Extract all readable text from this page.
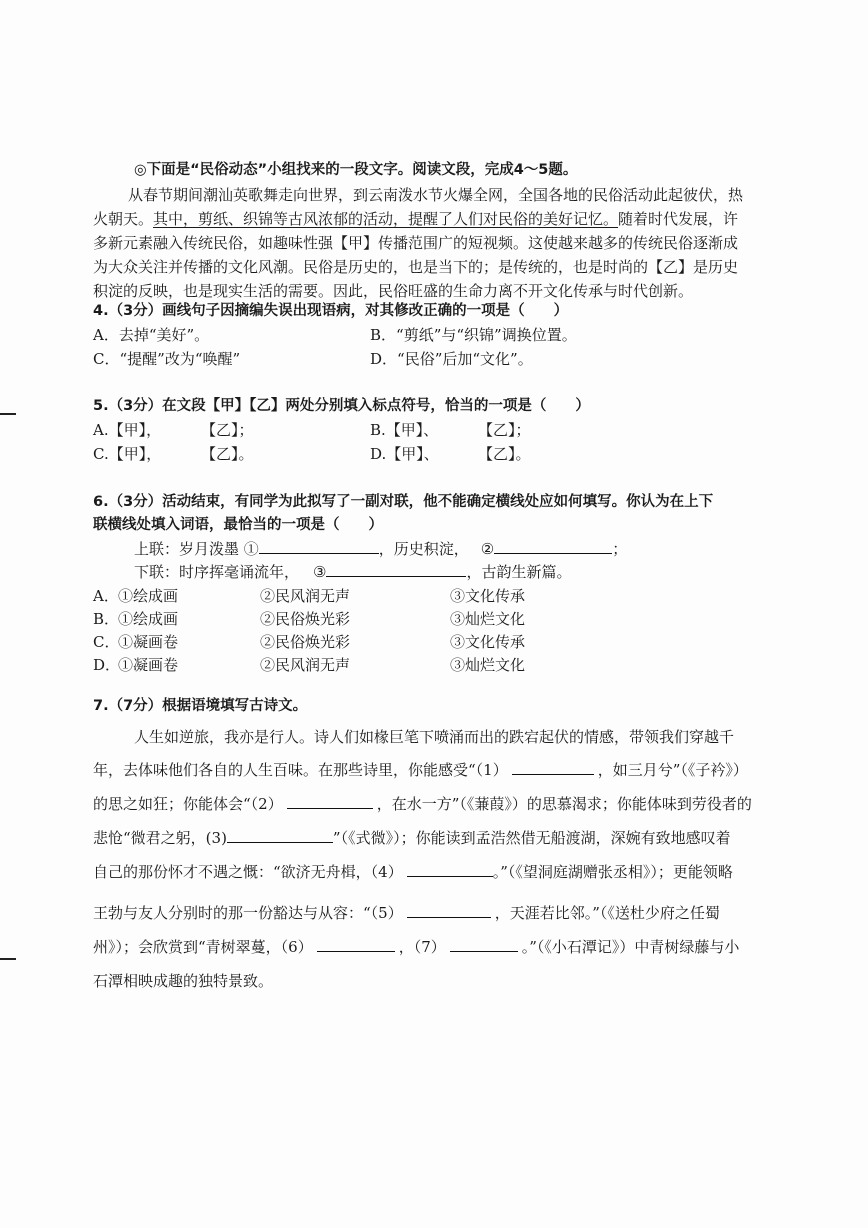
◎下面是“民俗动态”小组找来的一段文字。阅读文段，完成4～5题。
从春节期间潮汕英歌舞走向世界，到云南泼水节火爆全网，全国各地的民俗活动此起彼伏，热
火朝天。其中，剪纸、织锦等古风浓郁的活动，提醒了人们对民俗的美好记忆。随着时代发展，许
多新元素融入传统民俗，如趣味性强【甲】传播范围广的短视频。这使越来越多的传统民俗逐渐成
为大众关注并传播的文化风潮。民俗是历史的，也是当下的；是传统的，也是时尚的【乙】是历史
积淀的反映，也是现实生活的需要。因此，民俗旺盛的生命力离不开文化传承与时代创新。
4.（3分）画线句子因摘编失误出现语病，对其修改正确的一项是（　　）
A．去掉“美好”。	B．“剪纸”与“织锦”调换位置。
C．“提醒”改为“唤醒”	D．“民俗”后加“文化”。
5.（3分）在文段【甲】【乙】两处分别填入标点符号，恰当的一项是（　　）
A.【甲】，	【乙】；	B.【甲】、	【乙】；
C.【甲】，	【乙】。	D.【甲】、	【乙】。
6.（3分）活动结束，有同学为此拟写了一副对联，他不能确定横线处应如何填写。你认为在上下
联横线处填入词语，最恰当的一项是（　　）
上联：岁月泼墨 ①	，历史积淀， ②	；
下联：时序挥毫诵流年， ③	，古韵生新篇。
A．①绘成画	②民风润无声	③文化传承
B．①绘成画	②民俗焕光彩	③灿烂文化
C．①凝画卷	②民俗焕光彩	③文化传承
D．①凝画卷	②民风润无声	③灿烂文化
7.（7分）根据语境填写古诗文。
人生如逆旅，我亦是行人。诗人们如椽巨笔下喷涌而出的跌宕起伏的情感，带领我们穿越千
年，去体味他们各自的人生百味。在那些诗里，你能感受“（1）	，如三月兮”（《子衿》）
的思之如狂；你能体会“（2）	，在水一方”（《蒹葭》）的思慕渴求；你能体味到劳役者的
悲怆“微君之躬，(3)	”（《式微》）；你能读到孟浩然借无船渡湖，深婉有致地感叹着
自己的那份怀才不遇之慨：“欲济无舟楫，（4）	。”（《望洞庭湖赠张丞相》）；更能领略
王勃与友人分别时的那一份豁达与从容：“（5）	，天涯若比邻。”（《送杜少府之任蜀
州》）；会欣赏到“青树翠蔓，（6）	，（7）	。”（《小石潭记》）中青树绿藤与小
石潭相映成趣的独特景致。
